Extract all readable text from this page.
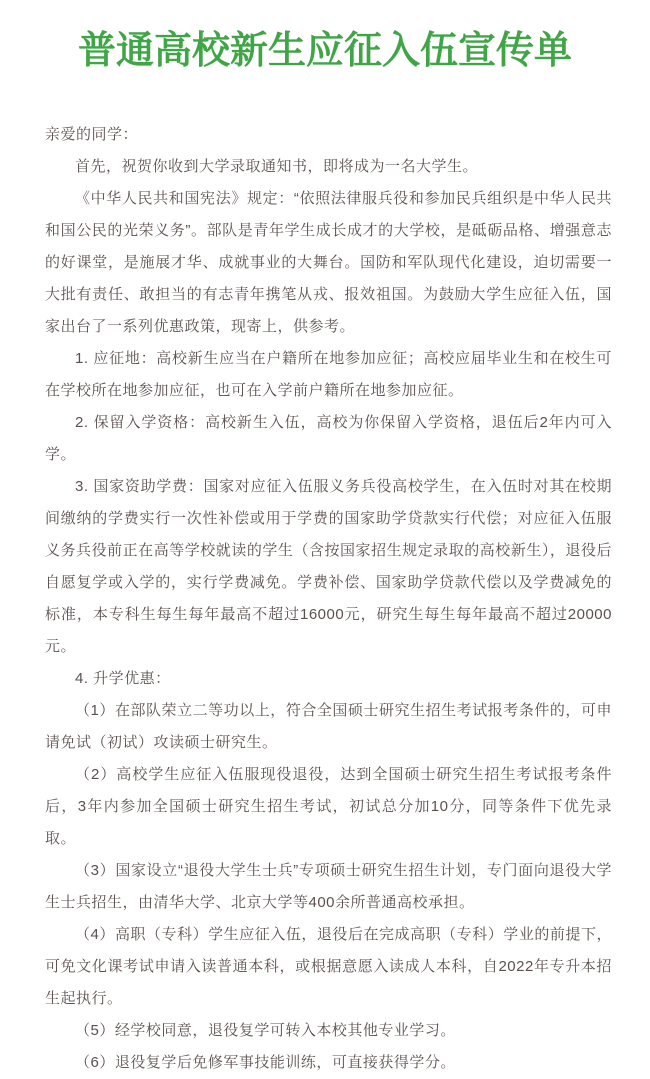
普通高校新生应征入伍宣传单

亲爱的同学：

首先，祝贺你收到大学录取通知书，即将成为一名大学生。

《中华人民共和国宪法》规定：“依照法律服兵役和参加民兵组织是中华人民共和国公民的光荣义务”。部队是青年学生成长成才的大学校，是砥砺品格、增强意志的好课堂，是施展才华、成就事业的大舞台。国防和军队现代化建设，迫切需要一大批有责任、敢担当的有志青年携笔从戎、报效祖国。为鼓励大学生应征入伍，国家出台了一系列优惠政策，现寄上，供参考。

1. 应征地：高校新生应当在户籍所在地参加应征；高校应届毕业生和在校生可在学校所在地参加应征，也可在入学前户籍所在地参加应征。

2. 保留入学资格：高校新生入伍，高校为你保留入学资格，退伍后2年内可入学。

3. 国家资助学费：国家对应征入伍服义务兵役高校学生，在入伍时对其在校期间缴纳的学费实行一次性补偿或用于学费的国家助学贷款实行代偿；对应征入伍服义务兵役前正在高等学校就读的学生（含按国家招生规定录取的高校新生），退役后自愿复学或入学的，实行学费减免。学费补偿、国家助学贷款代偿以及学费减免的标准，本专科生每生每年最高不超过16000元，研究生每生每年最高不超过20000元。

4. 升学优惠：

（1）在部队荣立二等功以上，符合全国硕士研究生招生考试报考条件的，可申请免试（初试）攻读硕士研究生。

（2）高校学生应征入伍服现役退役，达到全国硕士研究生招生考试报考条件后，3年内参加全国硕士研究生招生考试，初试总分加10分，同等条件下优先录取。

（3）国家设立“退役大学生士兵”专项硕士研究生招生计划，专门面向退役大学生士兵招生，由清华大学、北京大学等400余所普通高校承担。

（4）高职（专科）学生应征入伍，退役后在完成高职（专科）学业的前提下，可免文化课考试申请入读普通本科，或根据意愿入读成人本科，自2022年专升本招生起执行。

（5）经学校同意，退役复学可转入本校其他专业学习。

（6）退役复学后免修军事技能训练，可直接获得学分。
